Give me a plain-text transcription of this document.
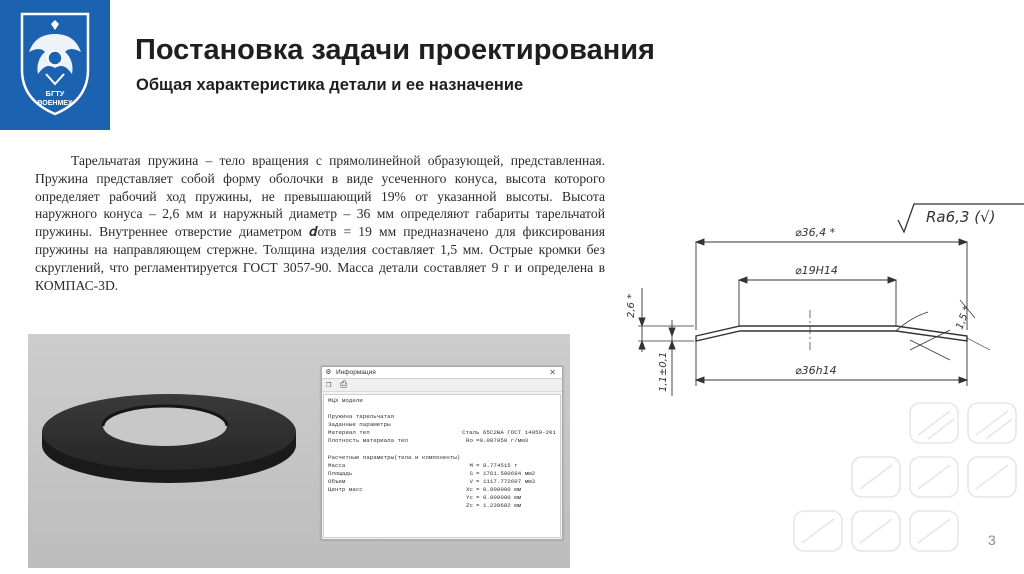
БГТУ
ВОЕНМЕХ
Постановка задачи проектирования
Общая характеристика детали и ее назначение
Тарельчатая пружина – тело вращения с прямолинейной образующей, представленная. Пружина представляет собой форму оболочки в виде усеченного конуса, высота которого определяет рабочий ход пружины, не превышающий 19% от указанной высоты. Высота наружного конуса – 2,6 мм и наружный диаметр – 36 мм определяют габариты тарельчатой пружины. Внутреннее отверстие диаметром 𝒅отв = 19 мм предназначено для фиксирования пружины на направляющем стержне. Толщина изделия составляет 1,5 мм. Острые кромки без скруглений, что регламентируется ГОСТ 3057-90. Масса детали составляет 9 г и определена в КОМПАС-3D.
Ra6,3 (√)
⌀36,4 *
⌀19H14
⌀36h14
2,6 *
1,1±0,1
1,5 *
⚙ Информация	✕
❐ ⎙
МЦХ модели
Пружина тарельчатая
Заданные параметры
Материал тел	Сталь 65С2ВА ГОСТ 14959-201
Плотность материала тел	Ro =0.007850 г/мм3
Расчетные параметры(тела и компоненты)
Масса	M = 8.774515 г
Площадь	S = 1761.500684 мм2
Объем	V = 1117.772607 мм3
Центр масс	Xc = 0.000000 мм
Yc = 0.000000 мм
Zc = 1.239682 мм
3
